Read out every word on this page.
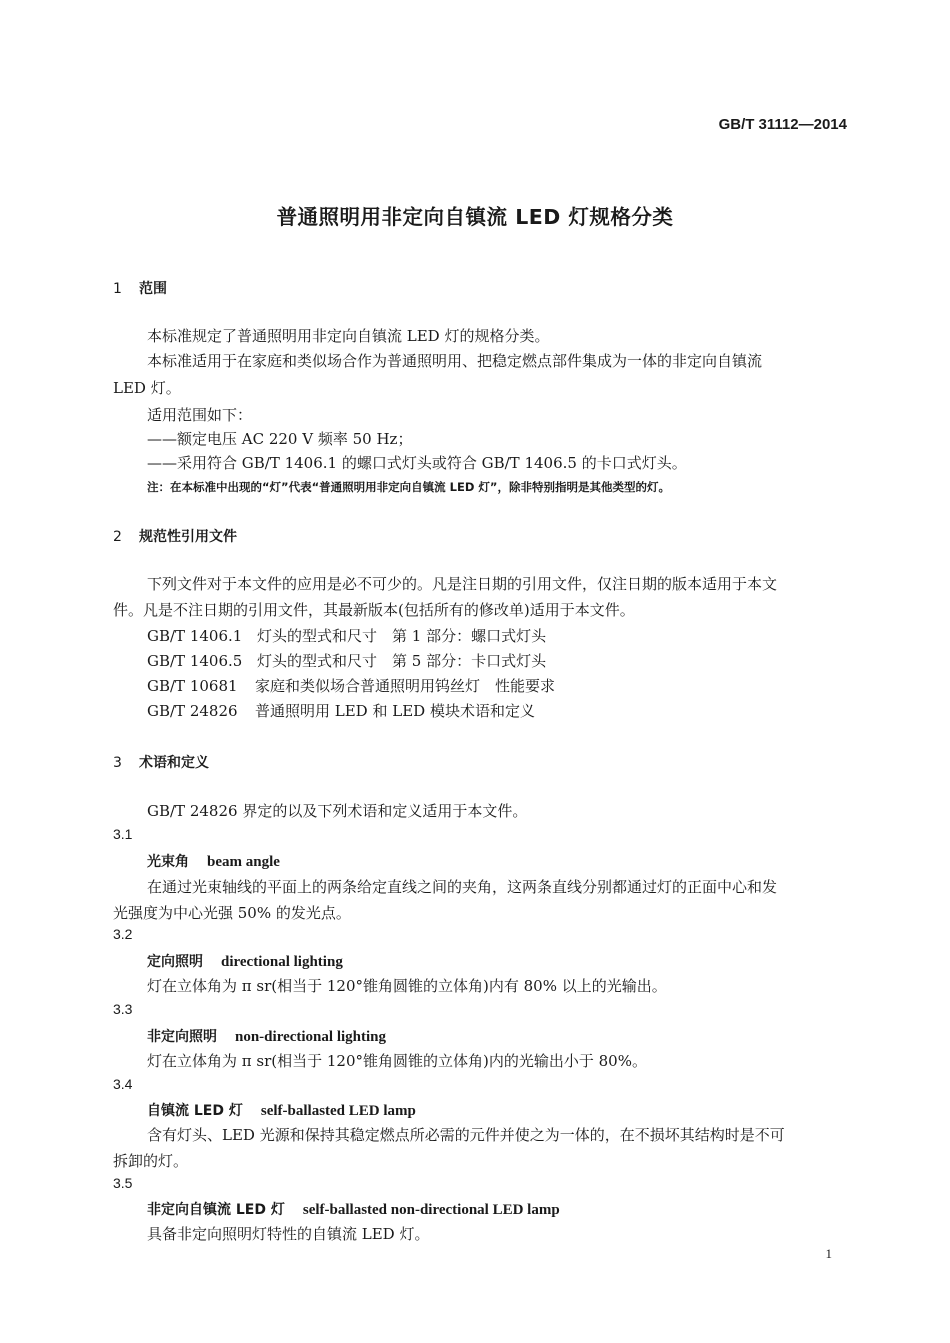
GB/T 31112—2014
普通照明用非定向自镇流 LED 灯规格分类
1 范围
本标准规定了普通照明用非定向自镇流 LED 灯的规格分类。
本标准适用于在家庭和类似场合作为普通照明用、把稳定燃点部件集成为一体的非定向自镇流
LED 灯。
适用范围如下：
——额定电压 AC 220 V 频率 50 Hz；
——采用符合 GB/T 1406.1 的螺口式灯头或符合 GB/T 1406.5 的卡口式灯头。
注：在本标准中出现的“灯”代表“普通照明用非定向自镇流 LED 灯”，除非特别指明是其他类型的灯。
2 规范性引用文件
下列文件对于本文件的应用是必不可少的。凡是注日期的引用文件，仅注日期的版本适用于本文
件。凡是不注日期的引用文件，其最新版本(包括所有的修改单)适用于本文件。
GB/T 1406.1 灯头的型式和尺寸　第 1 部分：螺口式灯头
GB/T 1406.5 灯头的型式和尺寸　第 5 部分：卡口式灯头
GB/T 10681 家庭和类似场合普通照明用钨丝灯　性能要求
GB/T 24826 普通照明用 LED 和 LED 模块术语和定义
3 术语和定义
GB/T 24826 界定的以及下列术语和定义适用于本文件。
3.1
光束角 beam angle
在通过光束轴线的平面上的两条给定直线之间的夹角，这两条直线分别都通过灯的正面中心和发
光强度为中心光强 50% 的发光点。
3.2
定向照明 directional lighting
灯在立体角为 π sr(相当于 120°锥角圆锥的立体角)内有 80% 以上的光输出。
3.3
非定向照明 non-directional lighting
灯在立体角为 π sr(相当于 120°锥角圆锥的立体角)内的光输出小于 80%。
3.4
自镇流 LED 灯 self-ballasted LED lamp
含有灯头、LED 光源和保持其稳定燃点所必需的元件并使之为一体的，在不损坏其结构时是不可
拆卸的灯。
3.5
非定向自镇流 LED 灯 self-ballasted non-directional LED lamp
具备非定向照明灯特性的自镇流 LED 灯。
1
